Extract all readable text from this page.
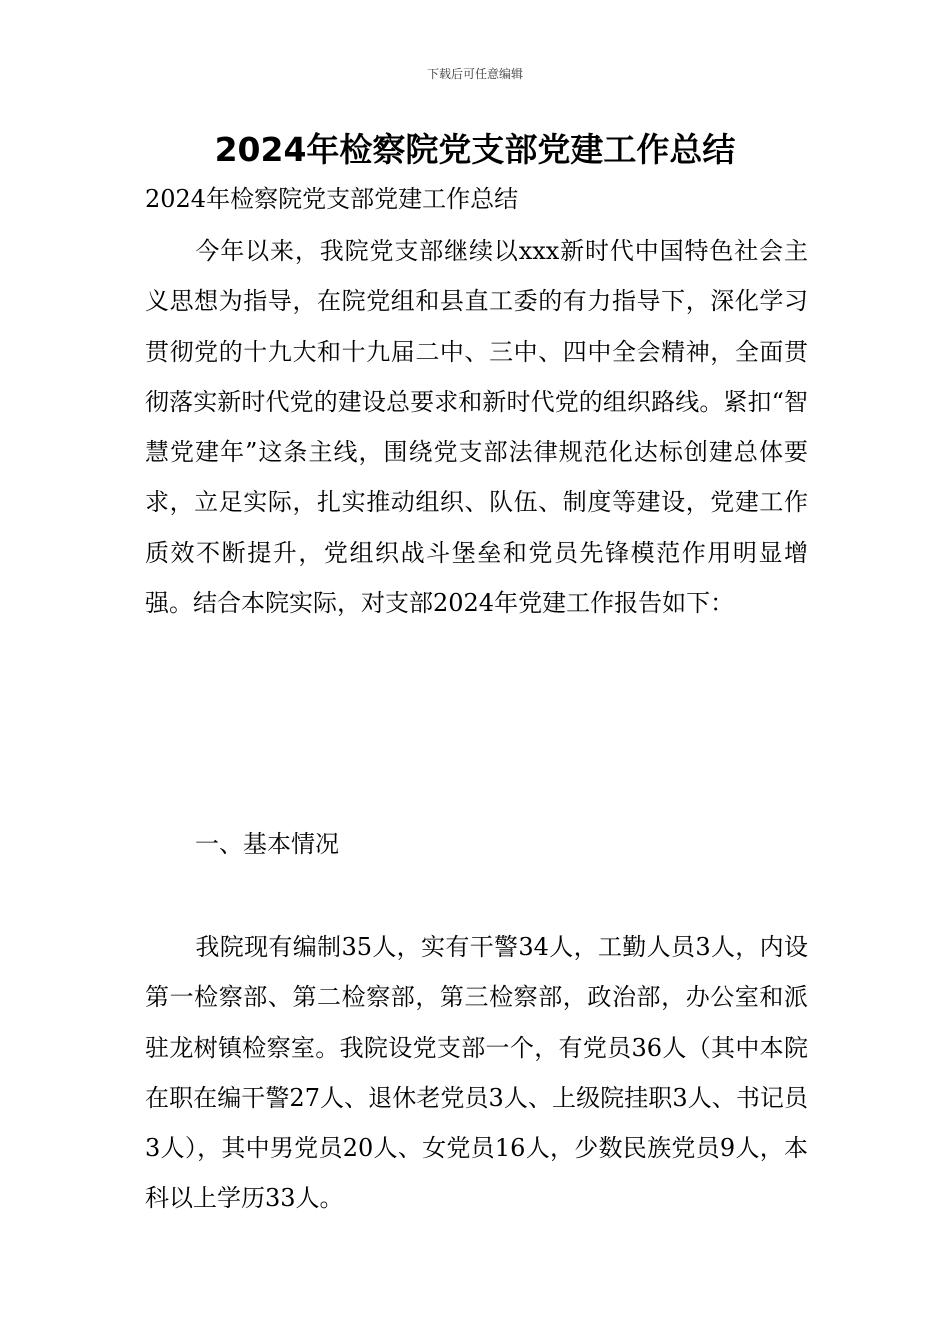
下载后可任意编辑
2024年检察院党支部党建工作总结
2024年检察院党支部党建工作总结

今年以来，我院党支部继续以xxx新时代中国特色社会主义思想为指导，在院党组和县直工委的有力指导下，深化学习贯彻党的十九大和十九届二中、三中、四中全会精神，全面贯彻落实新时代党的建设总要求和新时代党的组织路线。紧扣“智慧党建年”这条主线，围绕党支部法律规范化达标创建总体要求，立足实际，扎实推动组织、队伍、制度等建设，党建工作质效不断提升，党组织战斗堡垒和党员先锋模范作用明显增强。结合本院实际，对支部2024年党建工作报告如下：

一、基本情况

我院现有编制35人，实有干警34人，工勤人员3人，内设第一检察部、第二检察部，第三检察部，政治部，办公室和派驻龙树镇检察室。我院设党支部一个，有党员36人（其中本院在职在编干警27人、退休老党员3人、上级院挂职3人、书记员3人），其中男党员20人、女党员16人，少数民族党员9人，本科以上学历33人。
